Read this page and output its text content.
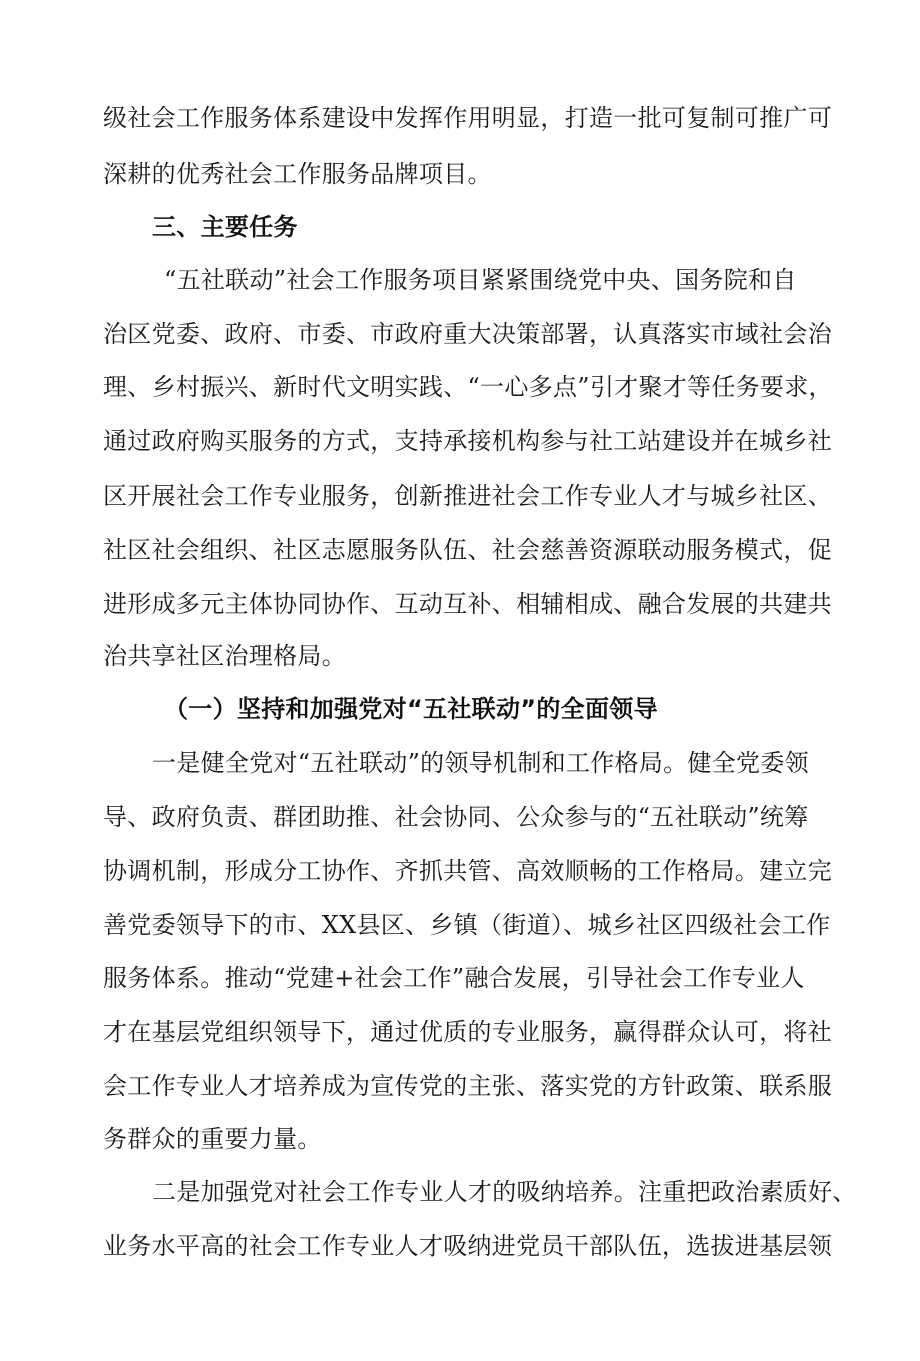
级社会工作服务体系建设中发挥作用明显，打造一批可复制可推广可
深耕的优秀社会工作服务品牌项目。
三、主要任务
“五社联动”社会工作服务项目紧紧围绕党中央、国务院和自
治区党委、政府、市委、市政府重大决策部署，认真落实市域社会治
理、乡村振兴、新时代文明实践、“一心多点”引才聚才等任务要求，
通过政府购买服务的方式，支持承接机构参与社工站建设并在城乡社
区开展社会工作专业服务，创新推进社会工作专业人才与城乡社区、
社区社会组织、社区志愿服务队伍、社会慈善资源联动服务模式，促
进形成多元主体协同协作、互动互补、相辅相成、融合发展的共建共
治共享社区治理格局。
（一）坚持和加强党对“五社联动”的全面领导
一是健全党对“五社联动”的领导机制和工作格局。健全党委领
导、政府负责、群团助推、社会协同、公众参与的“五社联动”统筹
协调机制，形成分工协作、齐抓共管、高效顺畅的工作格局。建立完
善党委领导下的市、XX县区、乡镇（街道）、城乡社区四级社会工作
服务体系。推动“党建+社会工作”融合发展，引导社会工作专业人
才在基层党组织领导下，通过优质的专业服务，赢得群众认可，将社
会工作专业人才培养成为宣传党的主张、落实党的方针政策、联系服
务群众的重要力量。
二是加强党对社会工作专业人才的吸纳培养。注重把政治素质好、
业务水平高的社会工作专业人才吸纳进党员干部队伍，选拔进基层领
